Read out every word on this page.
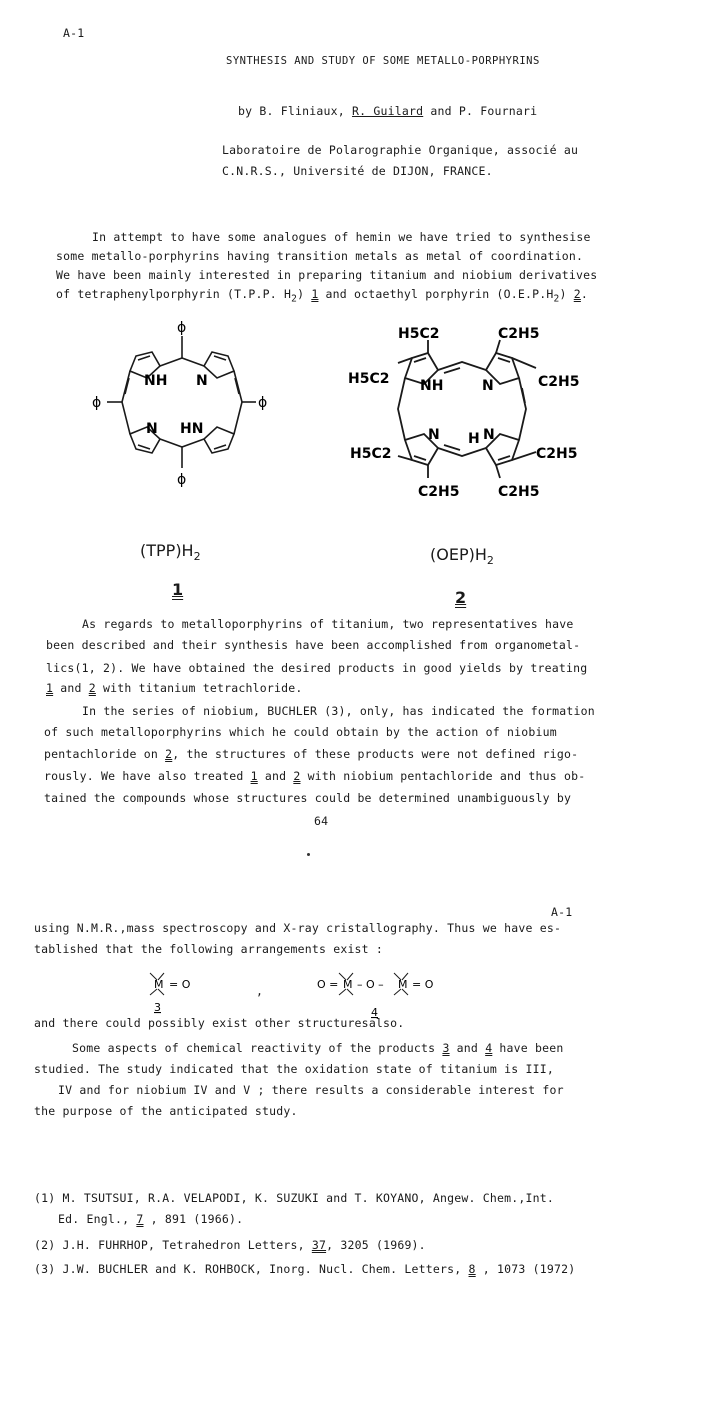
A-1
SYNTHESIS AND STUDY OF SOME METALLO-PORPHYRINS
by B. Fliniaux, R. Guilard and P. Fournari
Laboratoire de Polarographie Organique, associé au
C.N.R.S., Université de DIJON, FRANCE.
In attempt to have some analogues of hemin we have tried to synthesise
some metallo-porphyrins having transition metals as metal of coordination.
We have been mainly interested in preparing titanium and niobium derivatives
of tetraphenylporphyrin (T.P.P. $H_2$) 1 and octaethyl porphyrin $(O.E.P.H_2)$ 2.
ϕ
ϕ
ϕ	ϕ
NH N
N HN
H5C2	C2H5
H5C2	C2H5
H5C2	C2H5
C2H5	C2H5
NH	N
N H N
$(TPP)H_2$
1
$(OEP)H_2$
2
As regards to metalloporphyrins of titanium, two representatives have
been described and their synthesis have been accomplished from organometal-
lics(1, 2). We have obtained the desired products in good yields by treating
1 and 2 with titanium tetrachloride.
In the series of niobium, BUCHLER (3), only, has indicated the formation
of such metalloporphyrins which he could obtain by the action of niobium
pentachloride on 2, the structures of these products were not defined rigo-
rously. We have also treated 1 and 2 with niobium pentachloride and thus ob-
tained the compounds whose structures could be determined unambiguously by
64
A-1
using N.M.R.,mass spectroscopy and X-ray cristallography. Thus we have es-
tablished that the following arrangements exist :
M = O
3
,	O = M – O – M = O
4
and there could possibly exist other structuresalso.
Some aspects of chemical reactivity of the products 3 and 4 have been
studied. The study indicated that the oxidation state of titanium is III,
IV and for niobium IV and V ; there results a considerable interest for
the purpose of the anticipated study.
(1) M. TSUTSUI, R.A. VELAPODI, K. SUZUKI and T. KOYANO, Angew. Chem.,Int.
Ed. Engl., 7 , 891 (1966).
(2) J.H. FUHRHOP, Tetrahedron Letters, 37, 3205 (1969).
(3) J.W. BUCHLER and K. ROHBOCK, Inorg. Nucl. Chem. Letters, 8 , 1073 (1972)
